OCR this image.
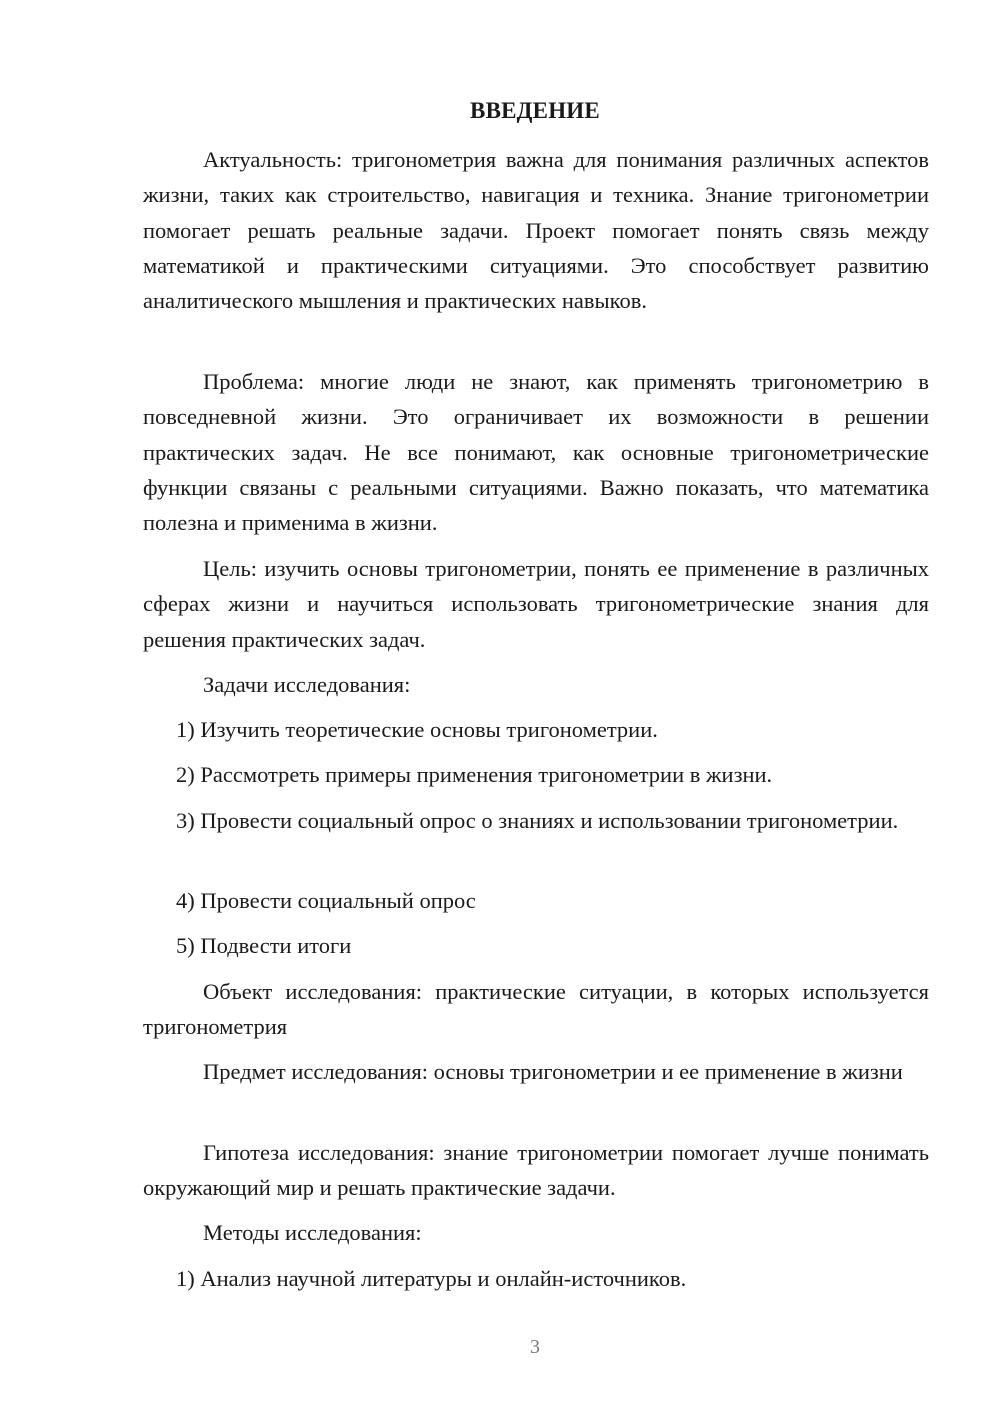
ВВЕДЕНИЕ

Актуальность: тригонометрия важна для понимания различных аспектов жизни, таких как строительство, навигация и техника. Знание тригонометрии помогает решать реальные задачи. Проект помогает понять связь между математикой и практическими ситуациями. Это способствует развитию аналитического мышления и практических навыков.

Проблема: многие люди не знают, как применять тригонометрию в повседневной жизни. Это ограничивает их возможности в решении практических задач. Не все понимают, как основные тригонометрические функции связаны с реальными ситуациями. Важно показать, что математика полезна и применима в жизни.

Цель: изучить основы тригонометрии, понять ее применение в различных сферах жизни и научиться использовать тригонометрические знания для решения практических задач.

Задачи исследования:

1) Изучить теоретические основы тригонометрии.

2) Рассмотреть примеры применения тригонометрии в жизни.

3) Провести социальный опрос о знаниях и использовании тригонометрии.

4) Провести социальный опрос

5) Подвести итоги

Объект исследования: практические ситуации, в которых используется тригонометрия

Предмет исследования: основы тригонометрии и ее применение в жизни

Гипотеза исследования: знание тригонометрии помогает лучше понимать окружающий мир и решать практические задачи.

Методы исследования:

1) Анализ научной литературы и онлайн-источников.

3
